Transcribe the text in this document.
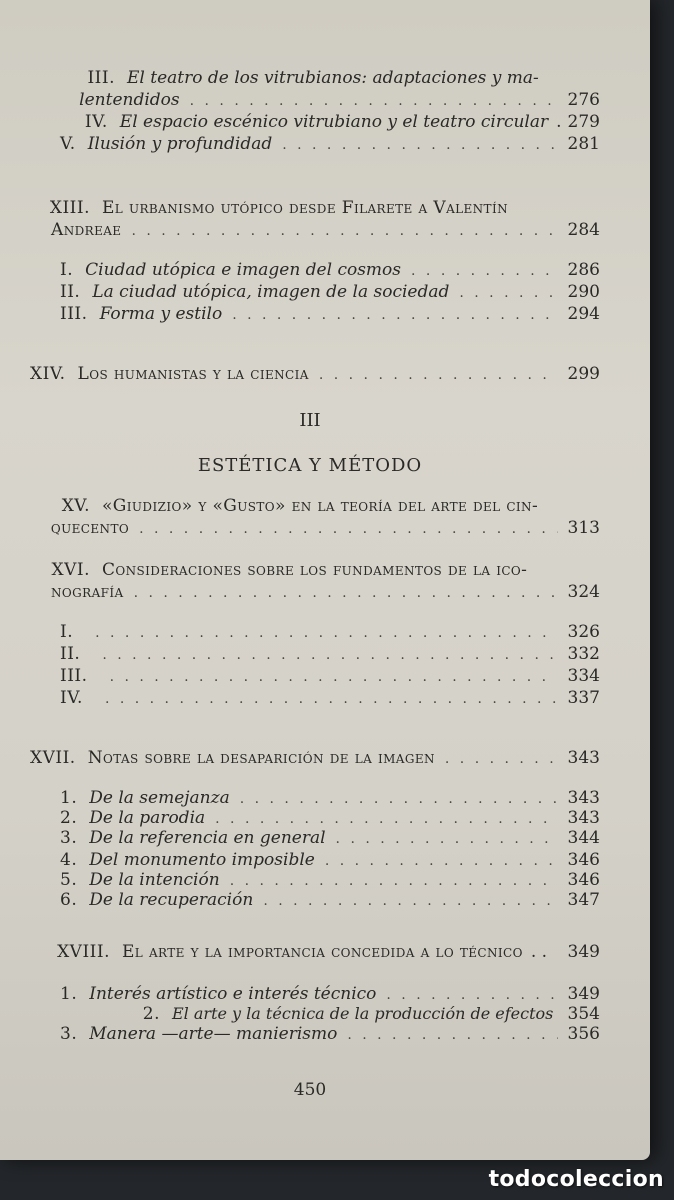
III. El teatro de los vitrubianos: adaptaciones y ma-
lentendidos . . .	276
IV. El espacio escénico vitrubiano y el teatro circular . 279
V. Ilusión y profundidad . . .	281
XIII. El urbanismo utópico desde Filarete a Valentín
Andreae . . .	284
I. Ciudad utópica e imagen del cosmos . . .	286
II. La ciudad utópica, imagen de la sociedad . . .	290
III. Forma y estilo . . .	294
XIV. Los humanistas y la ciencia . . .	299
III
ESTÉTICA Y MÉTODO
XV. «Giudizio» y «Gusto» en la teoría del arte del cin-
quecento . . .	313
XVI. Consideraciones sobre los fundamentos de la ico-
nografía . . .	324
I. . . .	326
II. . . .	332
III. . . .	334
IV. . . .	337
XVII. Notas sobre la desaparición de la imagen . . .	343
1. De la semejanza . . .	343
2. De la parodia . . .	343
3. De la referencia en general . . .	344
4. Del monumento imposible . . .	346
5. De la intención . . .	346
6. De la recuperación . . .	347
XVIII. El arte y la importancia concedida a lo técnico . . 349
1. Interés artístico e interés técnico . . .	349
2. El arte y la técnica de la producción de efectos 354
3. Manera —arte— manierismo . . .	356
450
todocoleccion
